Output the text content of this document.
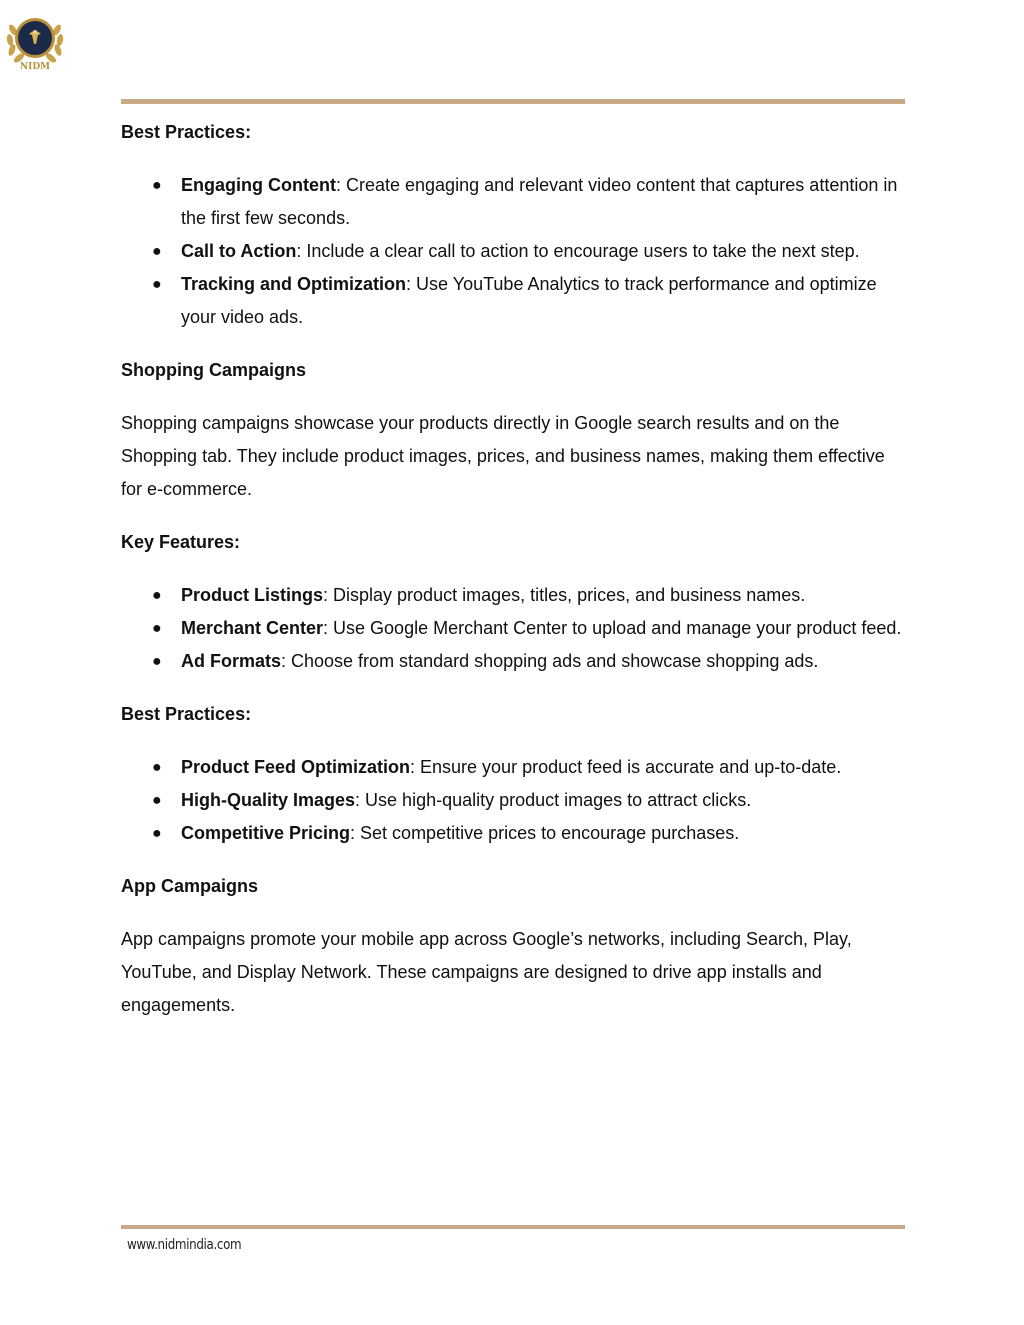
NIDM

Best Practices:

● Engaging Content: Create engaging and relevant video content that captures attention in the first few seconds.
● Call to Action: Include a clear call to action to encourage users to take the next step.
● Tracking and Optimization: Use YouTube Analytics to track performance and optimize your video ads.

Shopping Campaigns

Shopping campaigns showcase your products directly in Google search results and on the Shopping tab. They include product images, prices, and business names, making them effective for e-commerce.

Key Features:

● Product Listings: Display product images, titles, prices, and business names.
● Merchant Center: Use Google Merchant Center to upload and manage your product feed.
● Ad Formats: Choose from standard shopping ads and showcase shopping ads.

Best Practices:

● Product Feed Optimization: Ensure your product feed is accurate and up-to-date.
● High-Quality Images: Use high-quality product images to attract clicks.
● Competitive Pricing: Set competitive prices to encourage purchases.

App Campaigns

App campaigns promote your mobile app across Google’s networks, including Search, Play, YouTube, and Display Network. These campaigns are designed to drive app installs and engagements.

www.nidmindia.com
